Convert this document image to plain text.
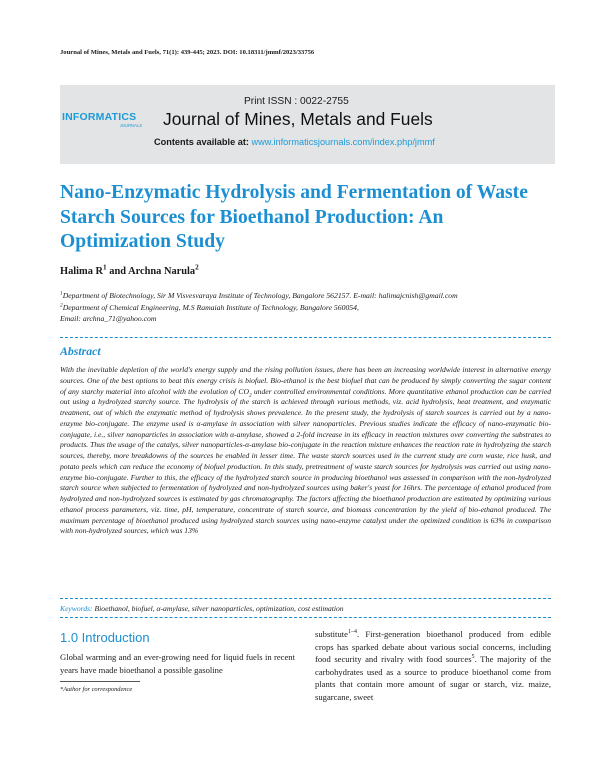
Journal of Mines, Metals and Fuels, 71(1): 439-445; 2023. DOI: 10.18311/jmmf/2023/33756
INFORMATICS
JOURNALS
Print ISSN : 0022-2755
Journal of Mines, Metals and Fuels
Contents available at: www.informaticsjournals.com/index.php/jmmf
Nano-Enzymatic Hydrolysis and Fermentation of Waste Starch Sources for Bioethanol Production: An Optimization Study
Halima $R^1$ and Archna Narula$^2$
$^1$Department of Biotechnology, Sir M Visvesvaraya Institute of Technology, Bangalore 562157. E-mail: halimajcnish@gmail.com
$^2$Department of Chemical Engineering, M.S Ramaiah Institute of Technology, Bangalore 560054,
Email: archna_71@yahoo.com
Abstract
With the inevitable depletion of the world's energy supply and the rising pollution issues, there has been an increasing worldwide interest in alternative energy sources. One of the best options to beat this energy crisis is biofuel. Bio-ethanol is the best biofuel that can be produced by simply converting the sugar content of any starchy material into alcohol with the evolution of $CO_2$ under controlled environmental conditions. More quantitative ethanol production can be carried out using a hydrolyzed starchy source. The hydrolysis of the starch is achieved through various methods, viz. acid hydrolysis, heat treatment, and enzymatic treatment, out of which the enzymatic method of hydrolysis shows prevalence. In the present study, the hydrolysis of starch sources is carried out by a nano-enzyme bio-conjugate. The enzyme used is α-amylase in association with silver nanoparticles. Previous studies indicate the efficacy of nano-enzymatic bio-conjugate, i.e., silver nanoparticles in association with α-amylase, showed a 2-fold increase in its efficacy in reaction mixtures over converting the substrates to products. Thus the usage of the catalys, silver nanoparticles-α-amylase bio-conjugate in the reaction mixture enhances the reaction rate in hydrolyzing the starch sources, thereby, more breakdowns of the sources be enabled in lesser time. The waste starch sources used in the current study are corn waste, rice husk, and potato peels which can reduce the economy of biofuel production. In this study, pretreatment of waste starch sources for hydrolysis was carried out using nano-enzyme bio-conjugate. Further to this, the efficacy of the hydrolyzed starch source in producing bioethanol was assessed in comparison with the non-hydrolyzed starch source when subjected to fermentation of hydrolyzed and non-hydrolyzed sources using baker's yeast for 16hrs. The percentage of ethanol produced from hydrolyzed and non-hydrolyzed sources is estimated by gas chromatography. The factors affecting the bioethanol production are estimated by optimizing various ethanol process parameters, viz. time, pH, temperature, concentrate of starch source, and biomass concentration by the yield of bio-ethanol produced. The maximum percentage of bioethanol produced using hydrolyzed starch sources using nano-enzyme catalyst under the optimized condition is 63% in comparison with non-hydrolyzed sources, which was 13%
Keywords: Bioethanol, biofuel, α-amylase, silver nanoparticles, optimization, cost estimation
1.0 Introduction
Global warming and an ever-growing need for liquid fuels in recent years have made bioethanol a possible gasoline
substitute$^{1-4}$. First-generation bioethanol produced from edible crops has sparked debate about various social concerns, including food security and rivalry with food sources$^5$. The majority of the carbohydrates used as a source to produce bioethanol come from plants that contain more amount of sugar or starch, viz. maize, sugarcane, sweet
*Author for correspondence
